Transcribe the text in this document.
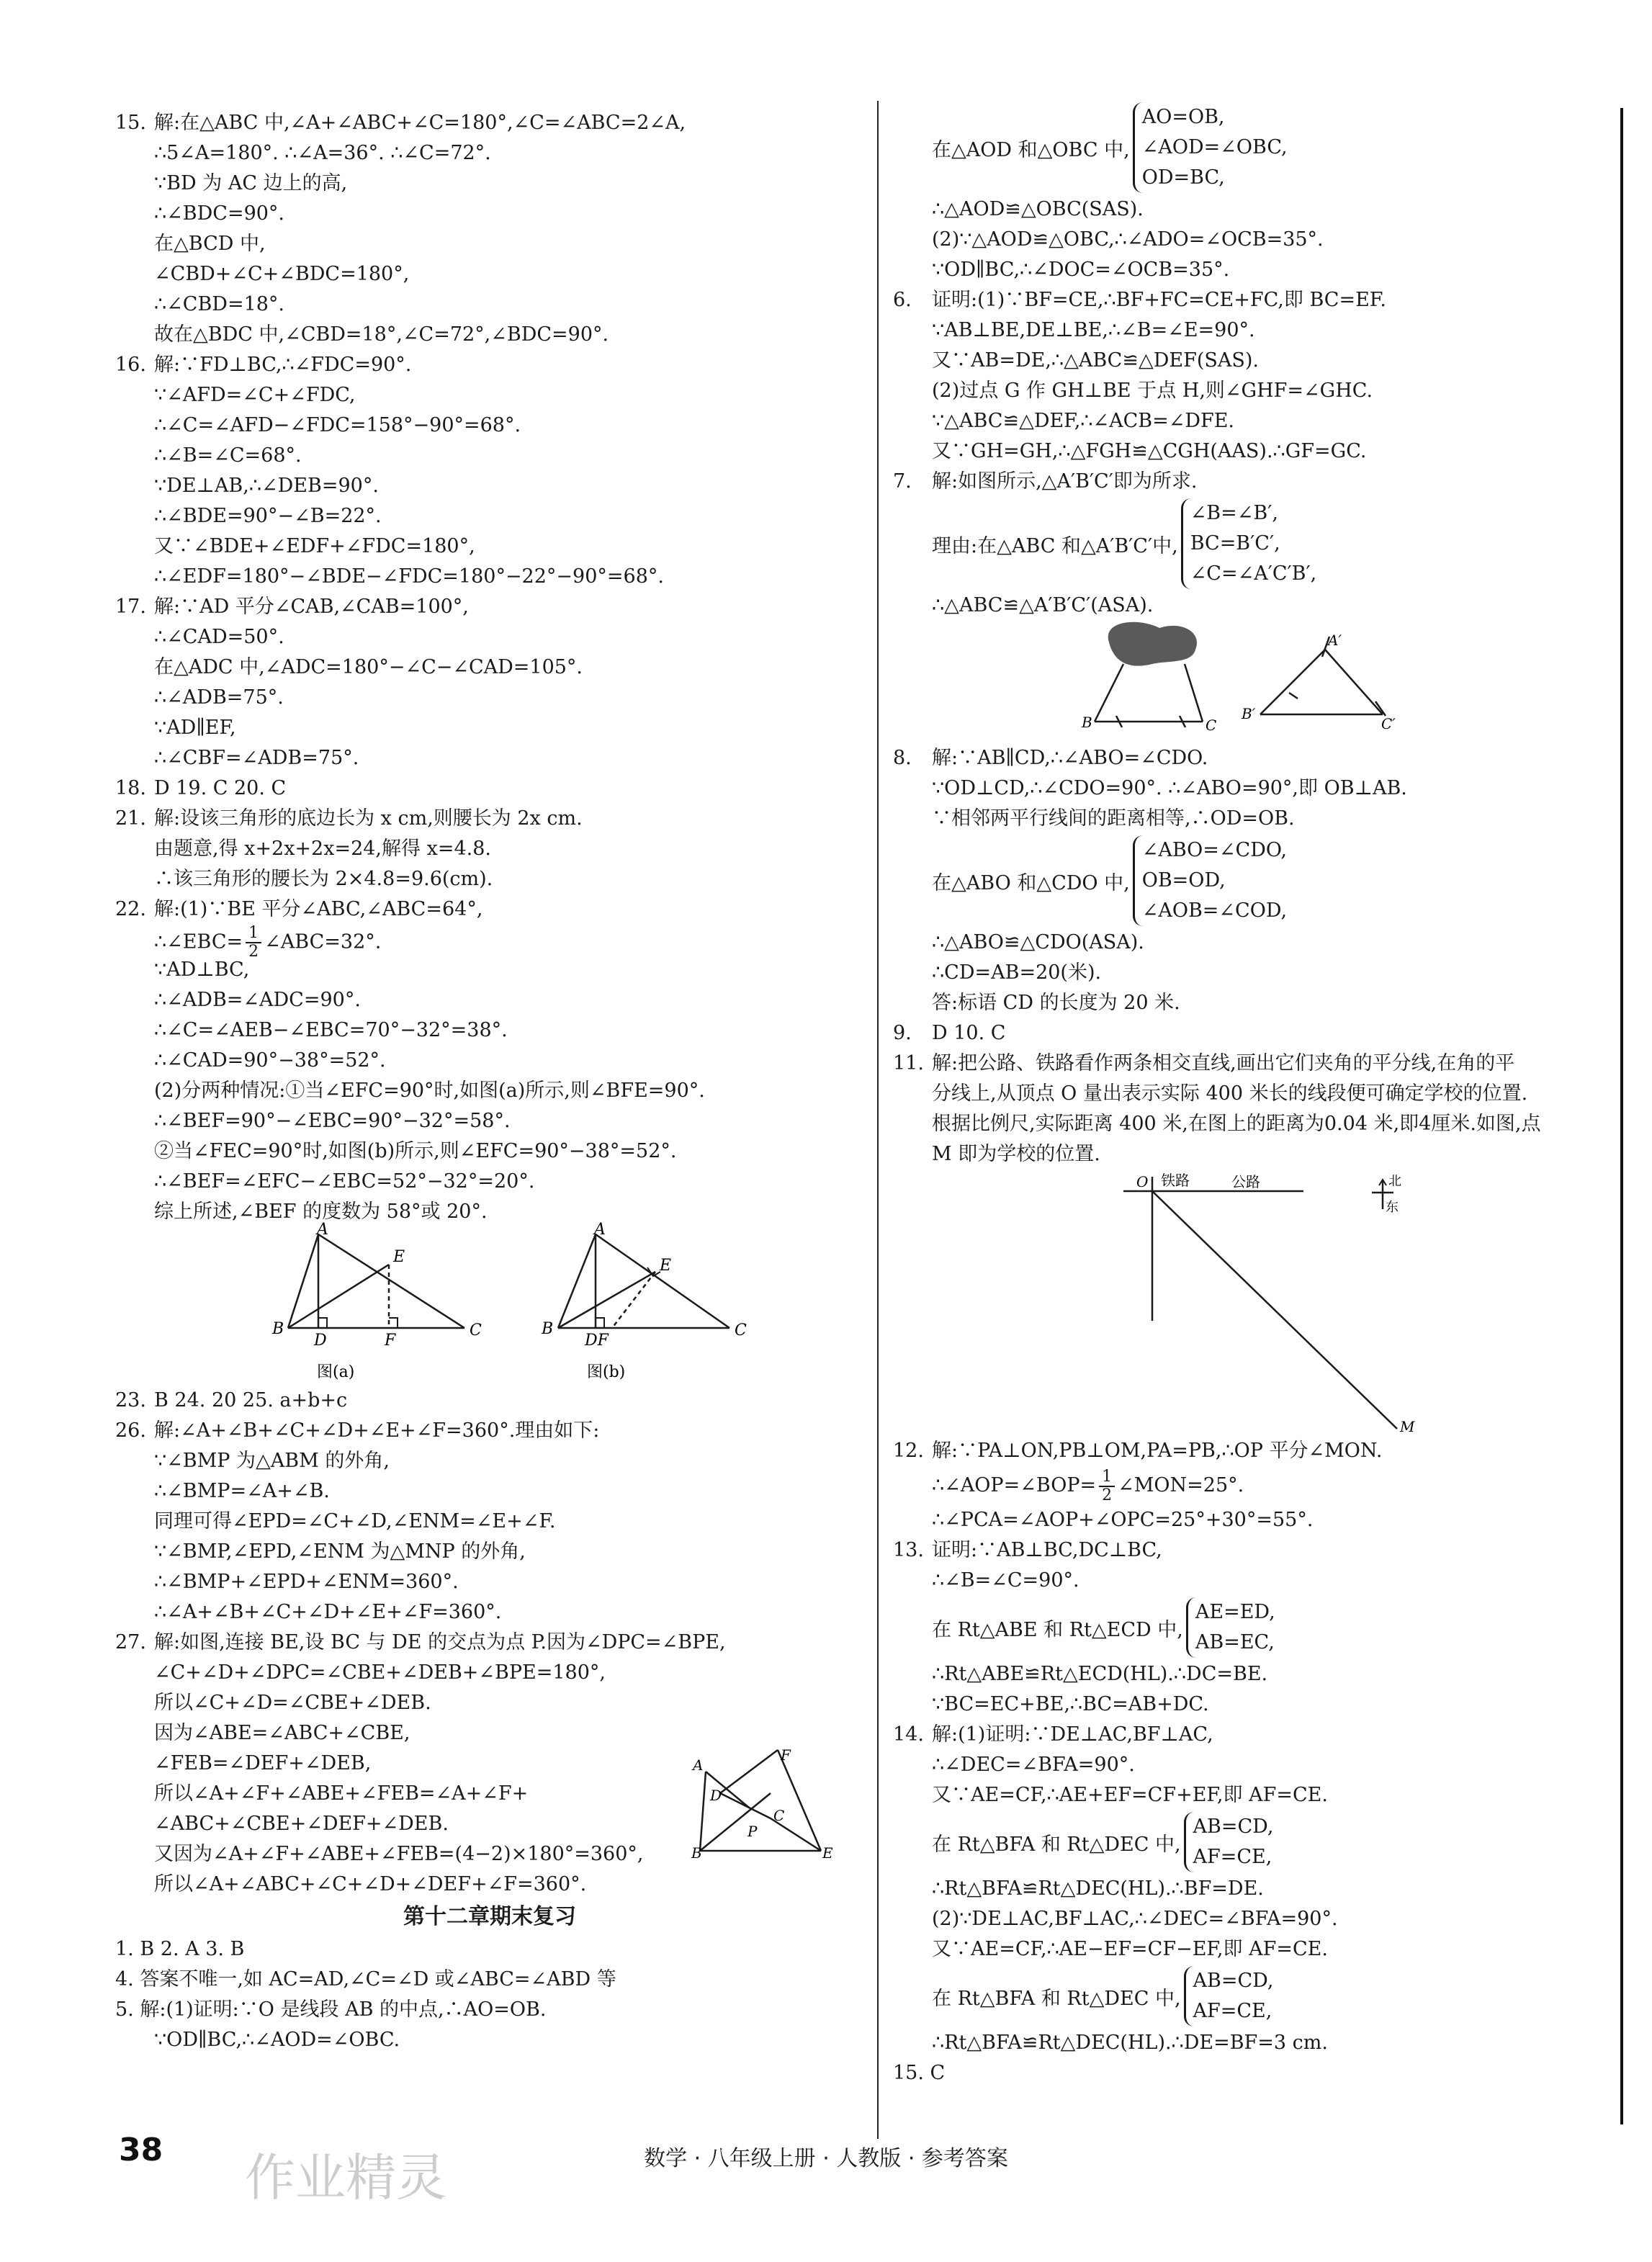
15. 解:在△ABC 中,∠A+∠ABC+∠C=180°,∠C=∠ABC=2∠A,
∴5∠A=180°. ∴∠A=36°. ∴∠C=72°.
∵BD 为 AC 边上的高,
∴∠BDC=90°.
在△BCD 中,
∠CBD+∠C+∠BDC=180°,
∴∠CBD=18°.
故在△BDC 中,∠CBD=18°,∠C=72°,∠BDC=90°.
16. 解:∵FD⊥BC,∴∠FDC=90°.
∵∠AFD=∠C+∠FDC,
∴∠C=∠AFD−∠FDC=158°−90°=68°.
∴∠B=∠C=68°.
∵DE⊥AB,∴∠DEB=90°.
∴∠BDE=90°−∠B=22°.
又∵∠BDE+∠EDF+∠FDC=180°,
∴∠EDF=180°−∠BDE−∠FDC=180°−22°−90°=68°.
17. 解:∵AD 平分∠CAB,∠CAB=100°,
∴∠CAD=50°.
在△ADC 中,∠ADC=180°−∠C−∠CAD=105°.
∴∠ADB=75°.
∵AD∥EF,
∴∠CBF=∠ADB=75°.
18. D 19. C 20. C
21. 解:设该三角形的底边长为 x cm,则腰长为 2x cm.
由题意,得 x+2x+2x=24,解得 x=4.8.
∴该三角形的腰长为 2×4.8=9.6(cm).
22. 解:(1)∵BE 平分∠ABC,∠ABC=64°,
∴∠EBC= $\frac{1}{2}$ ∠ABC=32°.
∵AD⊥BC,
∴∠ADB=∠ADC=90°.
∴∠C=∠AEB−∠EBC=70°−32°=38°.
∴∠CAD=90°−38°=52°.
(2)分两种情况:①当∠EFC=90°时,如图(a)所示,则∠BFE=90°.
∴∠BEF=90°−∠EBC=90°−32°=58°.
②当∠FEC=90°时,如图(b)所示,则∠EFC=90°−38°=52°.
∴∠BEF=∠EFC−∠EBC=52°−32°=20°.
综上所述,∠BEF 的度数为 58°或 20°.
A
B	C
D
E
F
图(a)
A
B	C
DF
E
图(b)
23. B 24. 20 25. a+b+c
26. 解:∠A+∠B+∠C+∠D+∠E+∠F=360°.理由如下:
∵∠BMP 为△ABM 的外角,
∴∠BMP=∠A+∠B.
同理可得∠EPD=∠C+∠D,∠ENM=∠E+∠F.
∵∠BMP,∠EPD,∠ENM 为△MNP 的外角,
∴∠BMP+∠EPD+∠ENM=360°.
∴∠A+∠B+∠C+∠D+∠E+∠F=360°.
27. 解:如图,连接 BE,设 BC 与 DE 的交点为点 P.因为∠DPC=∠BPE,
∠C+∠D+∠DPC=∠CBE+∠DEB+∠BPE=180°,
所以∠C+∠D=∠CBE+∠DEB.
因为∠ABE=∠ABC+∠CBE,
∠FEB=∠DEF+∠DEB,
所以∠A+∠F+∠ABE+∠FEB=∠A+∠F+
∠ABC+∠CBE+∠DEF+∠DEB.
又因为∠A+∠F+∠ABE+∠FEB=(4−2)×180°=360°,
所以∠A+∠ABC+∠C+∠D+∠DEF+∠F=360°.
第十二章期末复习
1. B 2. A 3. B
4. 答案不唯一,如 AC=AD,∠C=∠D 或∠ABC=∠ABD 等
5. 解:(1)证明:∵O 是线段 AB 的中点,∴AO=OB.
∵OD∥BC,∴∠AOD=∠OBC.
A
B
C
D
E
F
P
在△AOD 和△OBC 中,
AO=OB,
∠AOD=∠OBC,
OD=BC,
∴△AOD≌△OBC(SAS).
(2)∵△AOD≌△OBC,∴∠ADO=∠OCB=35°.
∵OD∥BC,∴∠DOC=∠OCB=35°.
6. 证明:(1)∵BF=CE,∴BF+FC=CE+FC,即 BC=EF.
∵AB⊥BE,DE⊥BE,∴∠B=∠E=90°.
又∵AB=DE,∴△ABC≌△DEF(SAS).
(2)过点 G 作 GH⊥BE 于点 H,则∠GHF=∠GHC.
∵△ABC≌△DEF,∴∠ACB=∠DFE.
又∵GH=GH,∴△FGH≌△CGH(AAS).∴GF=GC.
7. 解:如图所示,△A′B′C′即为所求.
理由:在△ABC 和△A′B′C′中,
∠B=∠B′,
BC=B′C′,
∠C=∠A′C′B′,
∴△ABC≌△A′B′C′(ASA).
B	C
B′
A′
C′
8. 解:∵AB∥CD,∴∠ABO=∠CDO.
∵OD⊥CD,∴∠CDO=90°. ∴∠ABO=90°,即 OB⊥AB.
∵相邻两平行线间的距离相等,∴OD=OB.
在△ABO 和△CDO 中,
∠ABO=∠CDO,
OB=OD,
∠AOB=∠COD,
∴△ABO≌△CDO(ASA).
∴CD=AB=20(米).
答:标语 CD 的长度为 20 米.
9. D 10. C
11. 解:把公路、铁路看作两条相交直线,画出它们夹角的平分线,在角的平
分线上,从顶点 O 量出表示实际 400 米长的线段便可确定学校的位置.
根据比例尺,实际距离 400 米,在图上的距离为0.04 米,即4厘米.如图,点
M 即为学校的位置.
O 铁路	公路	北
东
M
12. 解:∵PA⊥ON,PB⊥OM,PA=PB,∴OP 平分∠MON.
∴∠AOP=∠BOP= $\frac{1}{2}$ ∠MON=25°.
∴∠PCA=∠AOP+∠OPC=25°+30°=55°.
13. 证明:∵AB⊥BC,DC⊥BC,
∴∠B=∠C=90°.
在 Rt△ABE 和 Rt△ECD 中,
AE=ED,
AB=EC,
∴Rt△ABE≌Rt△ECD(HL).∴DC=BE.
∵BC=EC+BE,∴BC=AB+DC.
14. 解:(1)证明:∵DE⊥AC,BF⊥AC,
∴∠DEC=∠BFA=90°.
又∵AE=CF,∴AE+EF=CF+EF,即 AF=CE.
在 Rt△BFA 和 Rt△DEC 中,
AB=CD,
AF=CE,
∴Rt△BFA≌Rt△DEC(HL).∴BF=DE.
(2)∵DE⊥AC,BF⊥AC,∴∠DEC=∠BFA=90°.
又∵AE=CF,∴AE−EF=CF−EF,即 AF=CE.
在 Rt△BFA 和 Rt△DEC 中,
AB=CD,
AF=CE,
∴Rt△BFA≌Rt△DEC(HL).∴DE=BF=3 cm.
15. C
38	数学 · 八年级上册 · 人教版 · 参考答案
作业精灵
